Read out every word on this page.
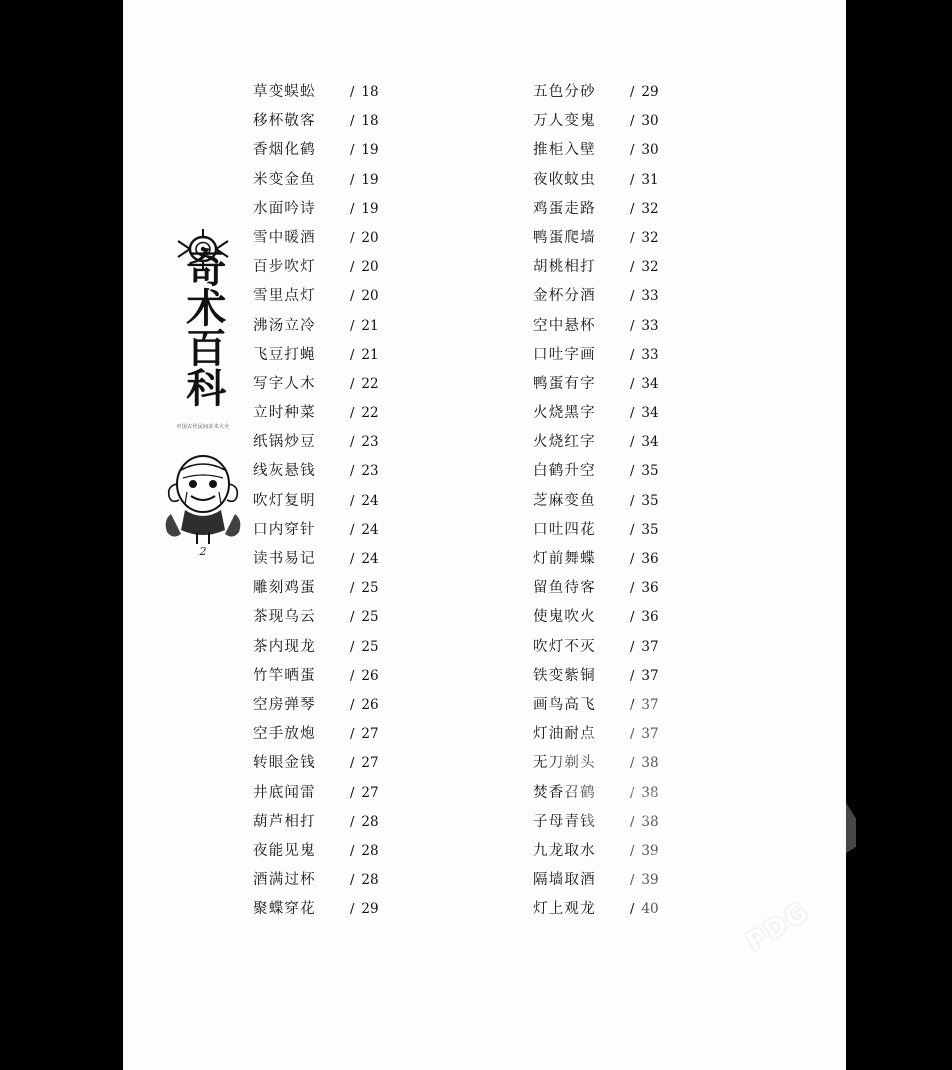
奇术百科
中国古代民间奇术大全
2
草变蜈蚣	/ 18
移杯敬客	/ 18
香烟化鹤	/ 19
米变金鱼	/ 19
水面吟诗	/ 19
雪中暖酒	/ 20
百步吹灯	/ 20
雪里点灯	/ 20
沸汤立冷	/ 21
飞豆打蝇	/ 21
写字人木	/ 22
立时种菜	/ 22
纸锅炒豆	/ 23
线灰悬钱	/ 23
吹灯复明	/ 24
口内穿针	/ 24
读书易记	/ 24
雕刻鸡蛋	/ 25
茶现乌云	/ 25
茶内现龙	/ 25
竹竿晒蛋	/ 26
空房弹琴	/ 26
空手放炮	/ 27
转眼金钱	/ 27
井底闻雷	/ 27
葫芦相打	/ 28
夜能见鬼	/ 28
酒满过杯	/ 28
聚蝶穿花	/ 29
五色分砂	/ 29
万人变鬼	/ 30
推柜入壁	/ 30
夜收蚊虫	/ 31
鸡蛋走路	/ 32
鸭蛋爬墙	/ 32
胡桃相打	/ 32
金杯分酒	/ 33
空中悬杯	/ 33
口吐字画	/ 33
鸭蛋有字	/ 34
火烧黑字	/ 34
火烧红字	/ 34
白鹤升空	/ 35
芝麻变鱼	/ 35
口吐四花	/ 35
灯前舞蝶	/ 36
留鱼待客	/ 36
使鬼吹火	/ 36
吹灯不灭	/ 37
铁变紫铜	/ 37
画鸟高飞	/ 37
灯油耐点	/ 37
无刀剃头	/ 38
焚香召鹤	/ 38
子母青钱	/ 38
九龙取水	/ 39
隔墙取酒	/ 39
灯上观龙	/ 40	PDG
